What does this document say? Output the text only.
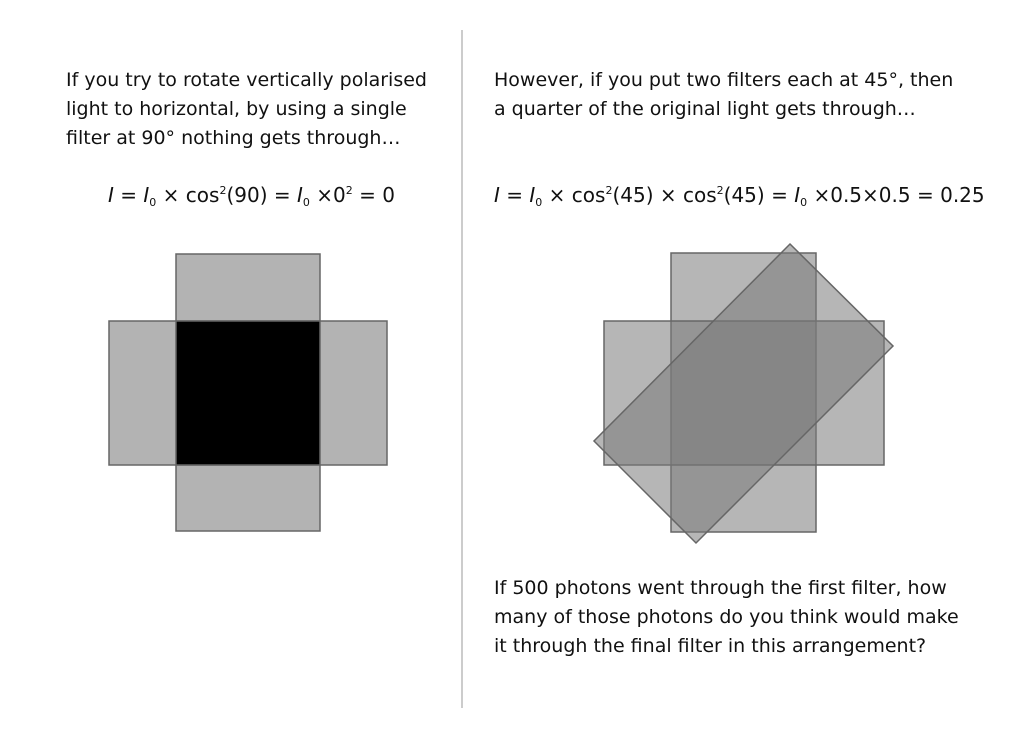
If you try to rotate vertically polarised
light to horizontal, by using a single
filter at 90° nothing gets through…

$I = I_0 \times \cos^2(90) = I_0 \times 0^2 = 0$

However, if you put two filters each at 45°, then
a quarter of the original light gets through…

$I = I_0 \times \cos^2(45) \times \cos^2(45) = I_0 \times 0.5\times 0.5 = 0.25$

If 500 photons went through the first filter, how
many of those photons do you think would make
it through the final filter in this arrangement?
